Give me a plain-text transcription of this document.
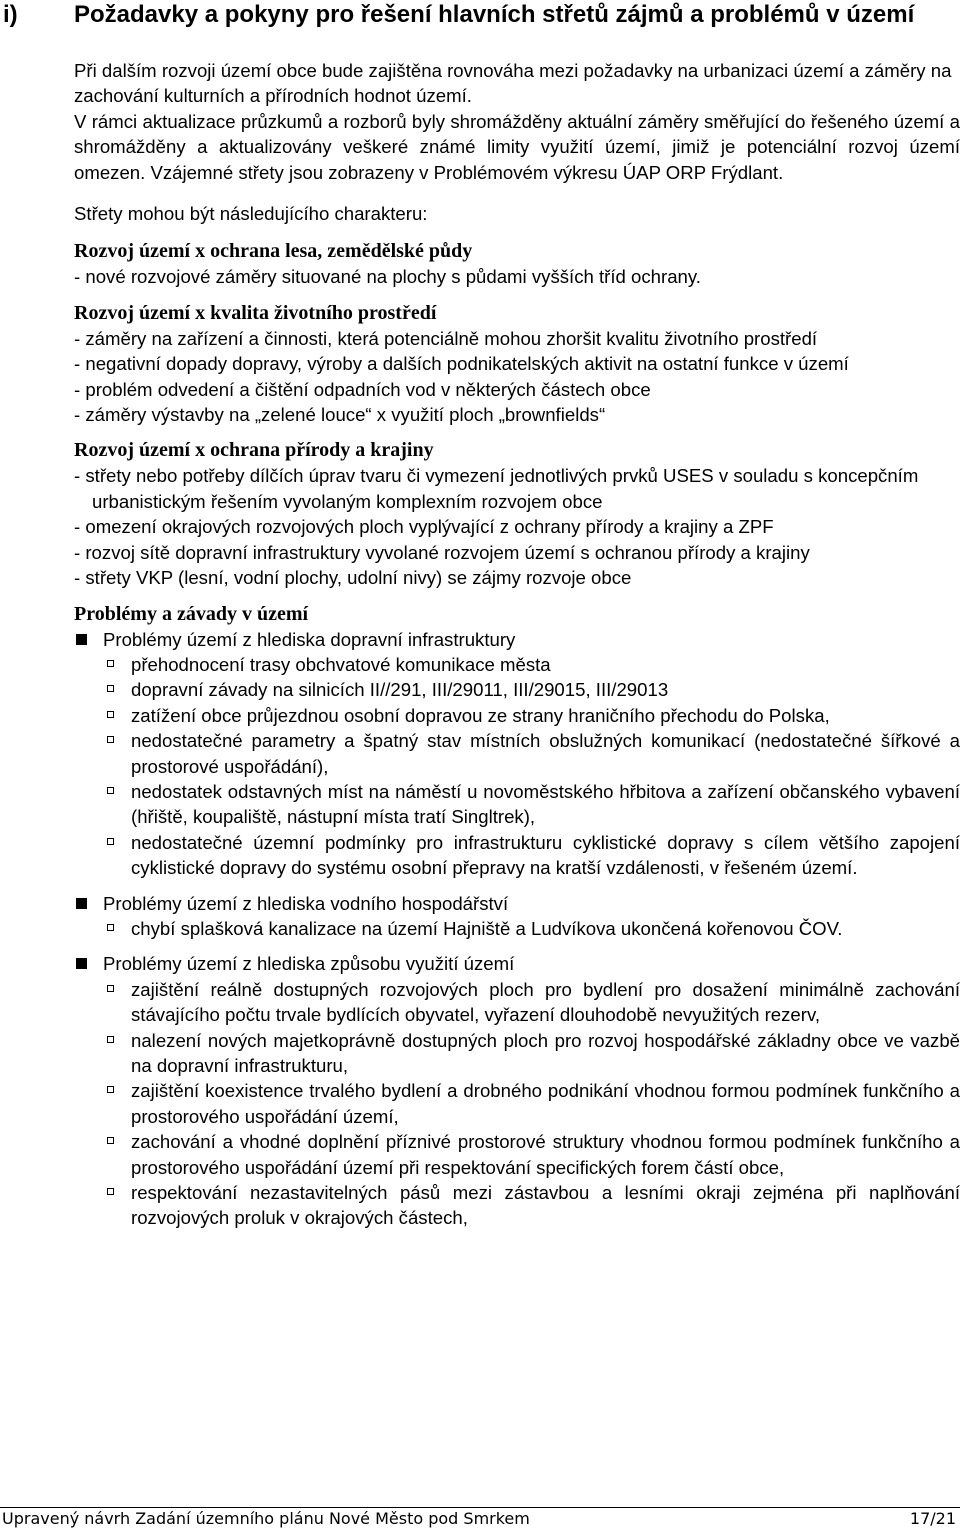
i) Požadavky a pokyny pro řešení hlavních střetů zájmů a problémů v území

Při dalším rozvoji území obce bude zajištěna rovnováha mezi požadavky na urbanizaci území a záměry na zachování kulturních a přírodních hodnot území.

V rámci aktualizace průzkumů a rozborů byly shromážděny aktuální záměry směřující do řešeného území a shromážděny a aktualizovány veškeré známé limity využití území, jimiž je potenciální rozvoj území omezen. Vzájemné střety jsou zobrazeny v Problémovém výkresu ÚAP ORP Frýdlant.

Střety mohou být následujícího charakteru:

Rozvoj území x ochrana lesa, zemědělské půdy

- nové rozvojové záměry situované na plochy s půdami vyšších tříd ochrany.

Rozvoj území x kvalita životního prostředí

- záměry na zařízení a činnosti, která potenciálně mohou zhoršit kvalitu životního prostředí

- negativní dopady dopravy, výroby a dalších podnikatelských aktivit na ostatní funkce v území

- problém odvedení a čištění odpadních vod v některých částech obce

- záměry výstavby na „zelené louce“ x využití ploch „brownfields“

Rozvoj území x ochrana přírody a krajiny

- střety nebo potřeby dílčích úprav tvaru či vymezení jednotlivých prvků USES v souladu s koncepčním urbanistickým řešením vyvolaným komplexním rozvojem obce

- omezení okrajových rozvojových ploch vyplývající z ochrany přírody a krajiny a ZPF

- rozvoj sítě dopravní infrastruktury vyvolané rozvojem území s ochranou přírody a krajiny

- střety VKP (lesní, vodní plochy, udolní nivy) se zájmy rozvoje obce

Problémy a závady v území
Problémy území z hlediska dopravní infrastruktury
přehodnocení trasy obchvatové komunikace města
dopravní závady na silnicích II//291, III/29011, III/29015, III/29013
zatížení obce průjezdnou osobní dopravou ze strany hraničního přechodu do Polska,
nedostatečné parametry a špatný stav místních obslužných komunikací (nedostatečné šířkové a prostorové uspořádání),
nedostatek odstavných míst na náměstí u novoměstského hřbitova a zařízení občanského vybavení (hřiště, koupaliště, nástupní místa tratí Singltrek),
nedostatečné územní podmínky pro infrastrukturu cyklistické dopravy s cílem většího zapojení cyklistické dopravy do systému osobní přepravy na kratší vzdálenosti, v řešeném území.
Problémy území z hlediska vodního hospodářství
chybí splašková kanalizace na území Hajniště a Ludvíkova ukončená kořenovou ČOV.
Problémy území z hlediska způsobu využití území
zajištění reálně dostupných rozvojových ploch pro bydlení pro dosažení minimálně zachování stávajícího počtu trvale bydlících obyvatel, vyřazení dlouhodobě nevyužitých rezerv,
nalezení nových majetkoprávně dostupných ploch pro rozvoj hospodářské základny obce ve vazbě na dopravní infrastrukturu,
zajištění koexistence trvalého bydlení a drobného podnikání vhodnou formou podmínek funkčního a prostorového uspořádání území,
zachování a vhodné doplnění příznivé prostorové struktury vhodnou formou podmínek funkčního a prostorového uspořádání území při respektování specifických forem částí obce,
respektování nezastavitelných pásů mezi zástavbou a lesními okraji zejména při naplňování rozvojových proluk v okrajových částech,
Upravený návrh Zadání územního plánu Nové Město pod Smrkem	17/21
